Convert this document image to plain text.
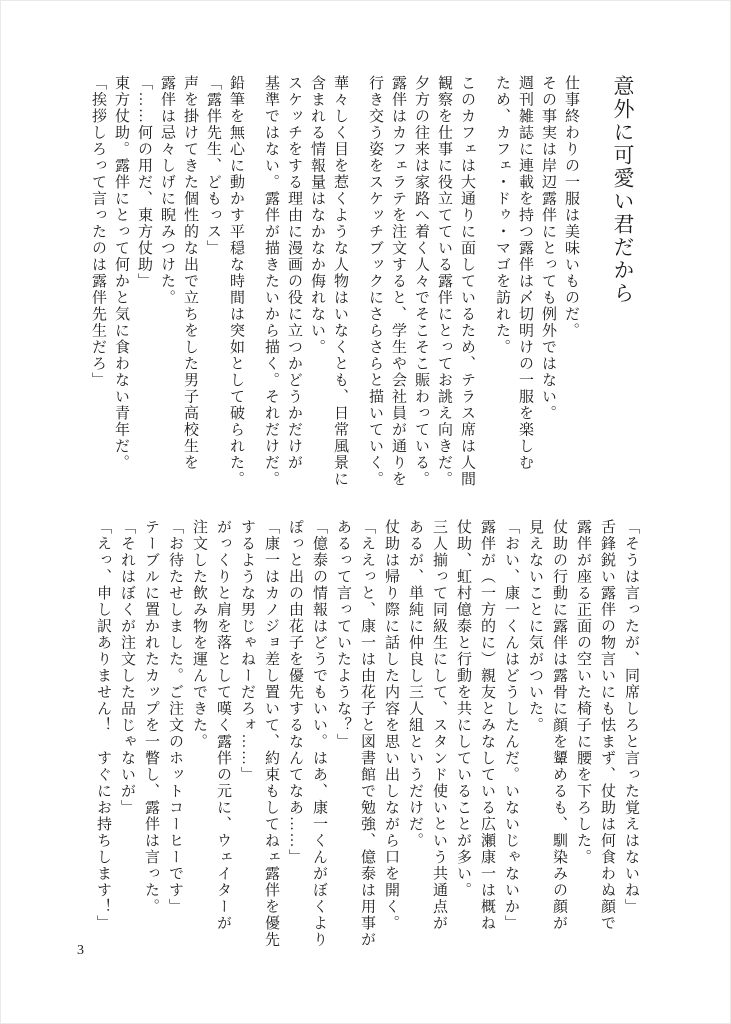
意外に可愛い君だから

仕事終わりの一服は美味いものだ。

その事実は岸辺露伴にとっても例外ではない。

週刊雑誌に連載を持つ露伴は〆切明けの一服を楽しむ

ため、カフェ・ドゥ・マゴを訪れた。

このカフェは大通りに面しているため、テラス席は人間

観察を仕事に役立てている露伴にとってお誂え向きだ。

夕方の往来は家路へ着く人々でそこそこ賑わっている。

露伴はカフェラテを注文すると、学生や会社員が通りを

行き交う姿をスケッチブックにさらさらと描いていく。

華々しく目を惹くような人物はいなくとも、日常風景に

含まれる情報量はなかなか侮れない。

スケッチをする理由に漫画の役に立つかどうかだけが

基準ではない。露伴が描きたいから描く。それだけだ。

鉛筆を無心に動かす平穏な時間は突如として破られた。

「露伴先生、どもっス」

声を掛けてきた個性的な出で立ちをした男子高校生を

露伴は忌々しげに睨みつけた。

「……何の用だ、東方仗助」

東方仗助。露伴にとって何かと気に食わない青年だ。

「挨拶しろって言ったのは露伴先生だろ」

「そうは言ったが、同席しろと言った覚えはないね」

舌鋒鋭い露伴の物言いにも怯まず、仗助は何食わぬ顔で

露伴が座る正面の空いた椅子に腰を下ろした。

仗助の行動に露伴は露骨に顔を顰めるも、馴染みの顔が

見えないことに気がついた。

「おい、康一くんはどうしたんだ。いないじゃないか」

露伴が（一方的に）親友とみなしている広瀬康一は概ね

仗助、虹村億泰と行動を共にしていることが多い。

三人揃って同級生にして、スタンド使いという共通点が

あるが、単純に仲良し三人組というだけだ。

仗助は帰り際に話した内容を思い出しながら口を開く。

「ええっと、康一は由花子と図書館で勉強、億泰は用事が

あるって言っていたような？」

「億泰の情報はどうでもいい。はあ、康一くんがぼくより

ぽっと出の由花子を優先するなんてなあ……」

「康一はカノジョ差し置いて、約束もしてねェ露伴を優先

するような男じゃねーだろォ……」

がっくりと肩を落として嘆く露伴の元に、ウェイターが

注文した飲み物を運んできた。

「お待たせしました。ご注文のホットコーヒーです」

テーブルに置かれたカップを一瞥し、露伴は言った。

「それはぼくが注文した品じゃないが」

「えっ、申し訳ありません！　すぐにお持ちします！」

3
